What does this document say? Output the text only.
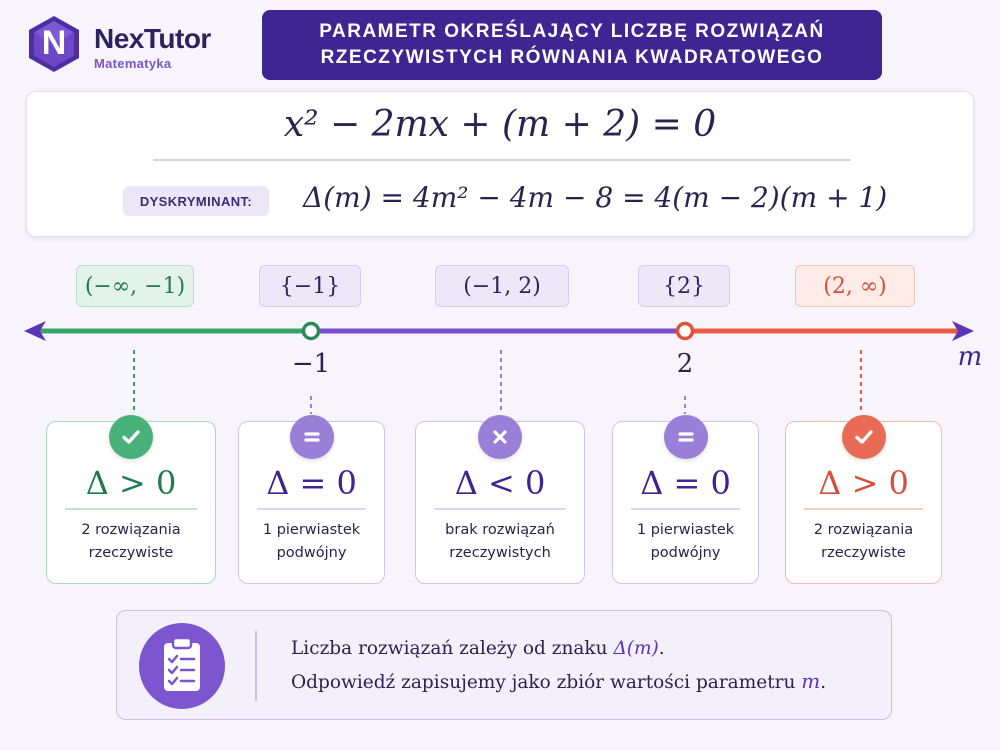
N NexTutor
Matematyka
PARAMETR OKREŚLAJĄCY LICZBĘ ROZWIĄZAŃ
RZECZYWISTYCH RÓWNANIA KWADRATOWEGO
x² − 2mx + (m + 2) = 0
DYSKRYMINANT:	Δ(m) = 4m² − 4m − 8 = 4(m − 2)(m + 1)
(−∞, −1)	{−1}	(−1, 2)	{2}	(2, ∞)
−1	2	m
Δ > 0
2 rozwiązania
rzeczywiste
Δ = 0
1 pierwiastek
podwójny
Δ < 0
brak rozwiązań
rzeczywistych
Δ = 0
1 pierwiastek
podwójny
Δ > 0
2 rozwiązania
rzeczywiste
Liczba rozwiązań zależy od znaku Δ(m).
Odpowiedź zapisujemy jako zbiór wartości parametru m.
